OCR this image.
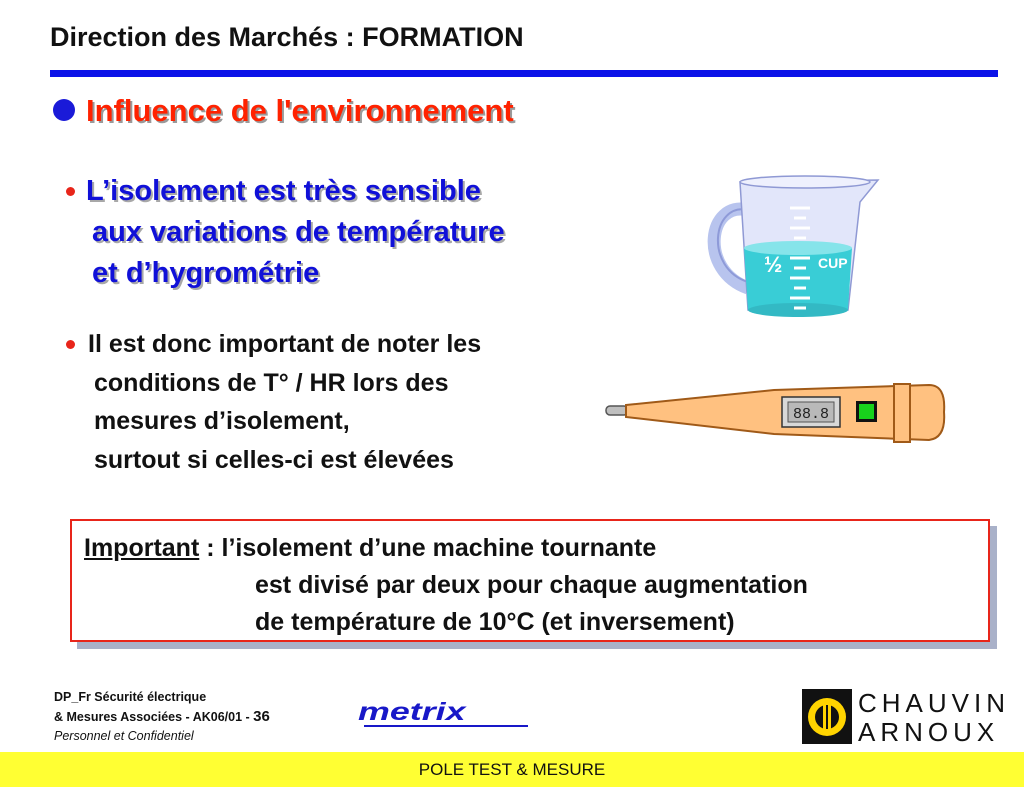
Direction des Marchés : FORMATION
Influence de l'environnement
L’isolement est très sensible
aux variations de température
et d’hygrométrie
Il est donc important de noter les
conditions de T° / HR lors des
mesures d’isolement,
surtout si celles-ci est élevées
½	CUP
88.8
Important : l’isolement d’une machine tournante
est divisé par deux pour chaque augmentation
de température de 10°C (et inversement)
DP_Fr Sécurité électrique
& Mesures Associées - AK06/01 - 36
Personnel et Confidentiel
metrix	CHAUVIN
ARNOUX
POLE TEST & MESURE
